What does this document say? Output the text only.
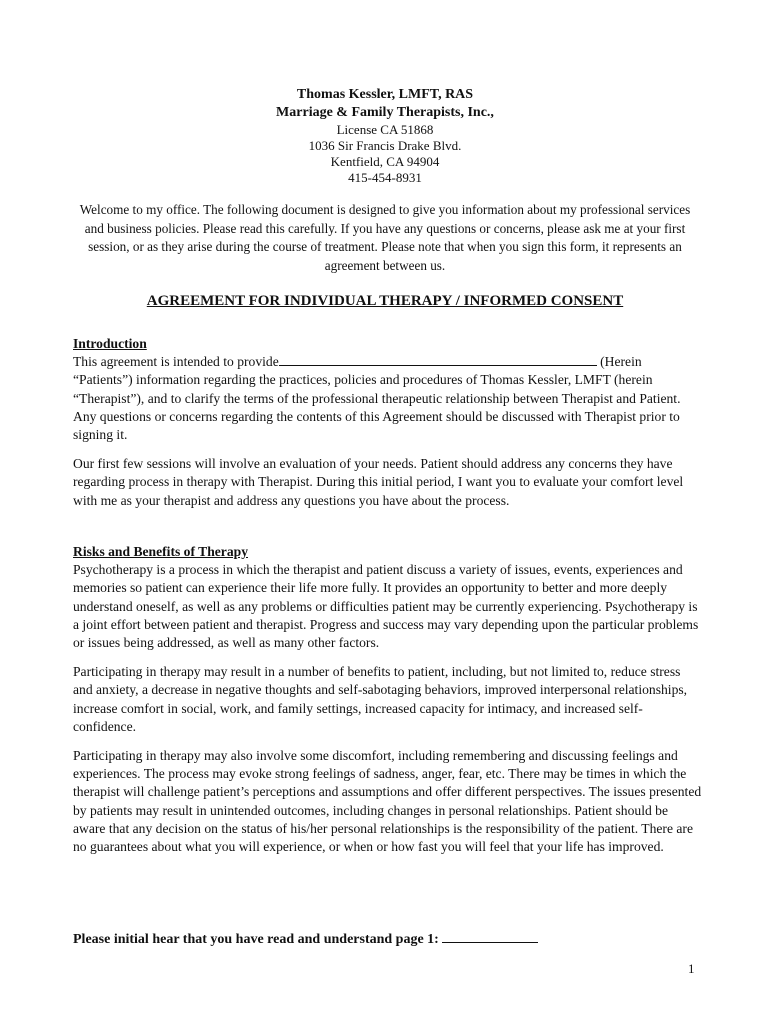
Thomas Kessler, LMFT, RAS
Marriage & Family Therapists, Inc.,
License CA 51868
1036 Sir Francis Drake Blvd.
Kentfield, CA 94904
415-454-8931
Welcome to my office. The following document is designed to give you information about my professional services and business policies. Please read this carefully. If you have any questions or concerns, please ask me at your first session, or as they arise during the course of treatment. Please note that when you sign this form, it represents an agreement between us.
AGREEMENT FOR INDIVIDUAL THERAPY / INFORMED CONSENT

Introduction

This agreement is intended to provide	(Herein “Patients”) information regarding the practices, policies and procedures of Thomas Kessler, LMFT (herein “Therapist”), and to clarify the terms of the professional therapeutic relationship between Therapist and Patient. Any questions or concerns regarding the contents of this Agreement should be discussed with Therapist prior to signing it.

Our first few sessions will involve an evaluation of your needs. Patient should address any concerns they have regarding process in therapy with Therapist. During this initial period, I want you to evaluate your comfort level with me as your therapist and address any questions you have about the process.

Risks and Benefits of Therapy

Psychotherapy is a process in which the therapist and patient discuss a variety of issues, events, experiences and memories so patient can experience their life more fully. It provides an opportunity to better and more deeply understand oneself, as well as any problems or difficulties patient may be currently experiencing. Psychotherapy is a joint effort between patient and therapist. Progress and success may vary depending upon the particular problems or issues being addressed, as well as many other factors.

Participating in therapy may result in a number of benefits to patient, including, but not limited to, reduce stress and anxiety, a decrease in negative thoughts and self-sabotaging behaviors, improved interpersonal relationships, increase comfort in social, work, and family settings, increased capacity for intimacy, and increased self-confidence.

Participating in therapy may also involve some discomfort, including remembering and discussing feelings and experiences. The process may evoke strong feelings of sadness, anger, fear, etc. There may be times in which the therapist will challenge patient’s perceptions and assumptions and offer different perspectives. The issues presented by patients may result in unintended outcomes, including changes in personal relationships. Patient should be aware that any decision on the status of his/her personal relationships is the responsibility of the patient. There are no guarantees about what you will experience, or when or how fast you will feel that your life has improved.

Please initial hear that you have read and understand page 1:
1
